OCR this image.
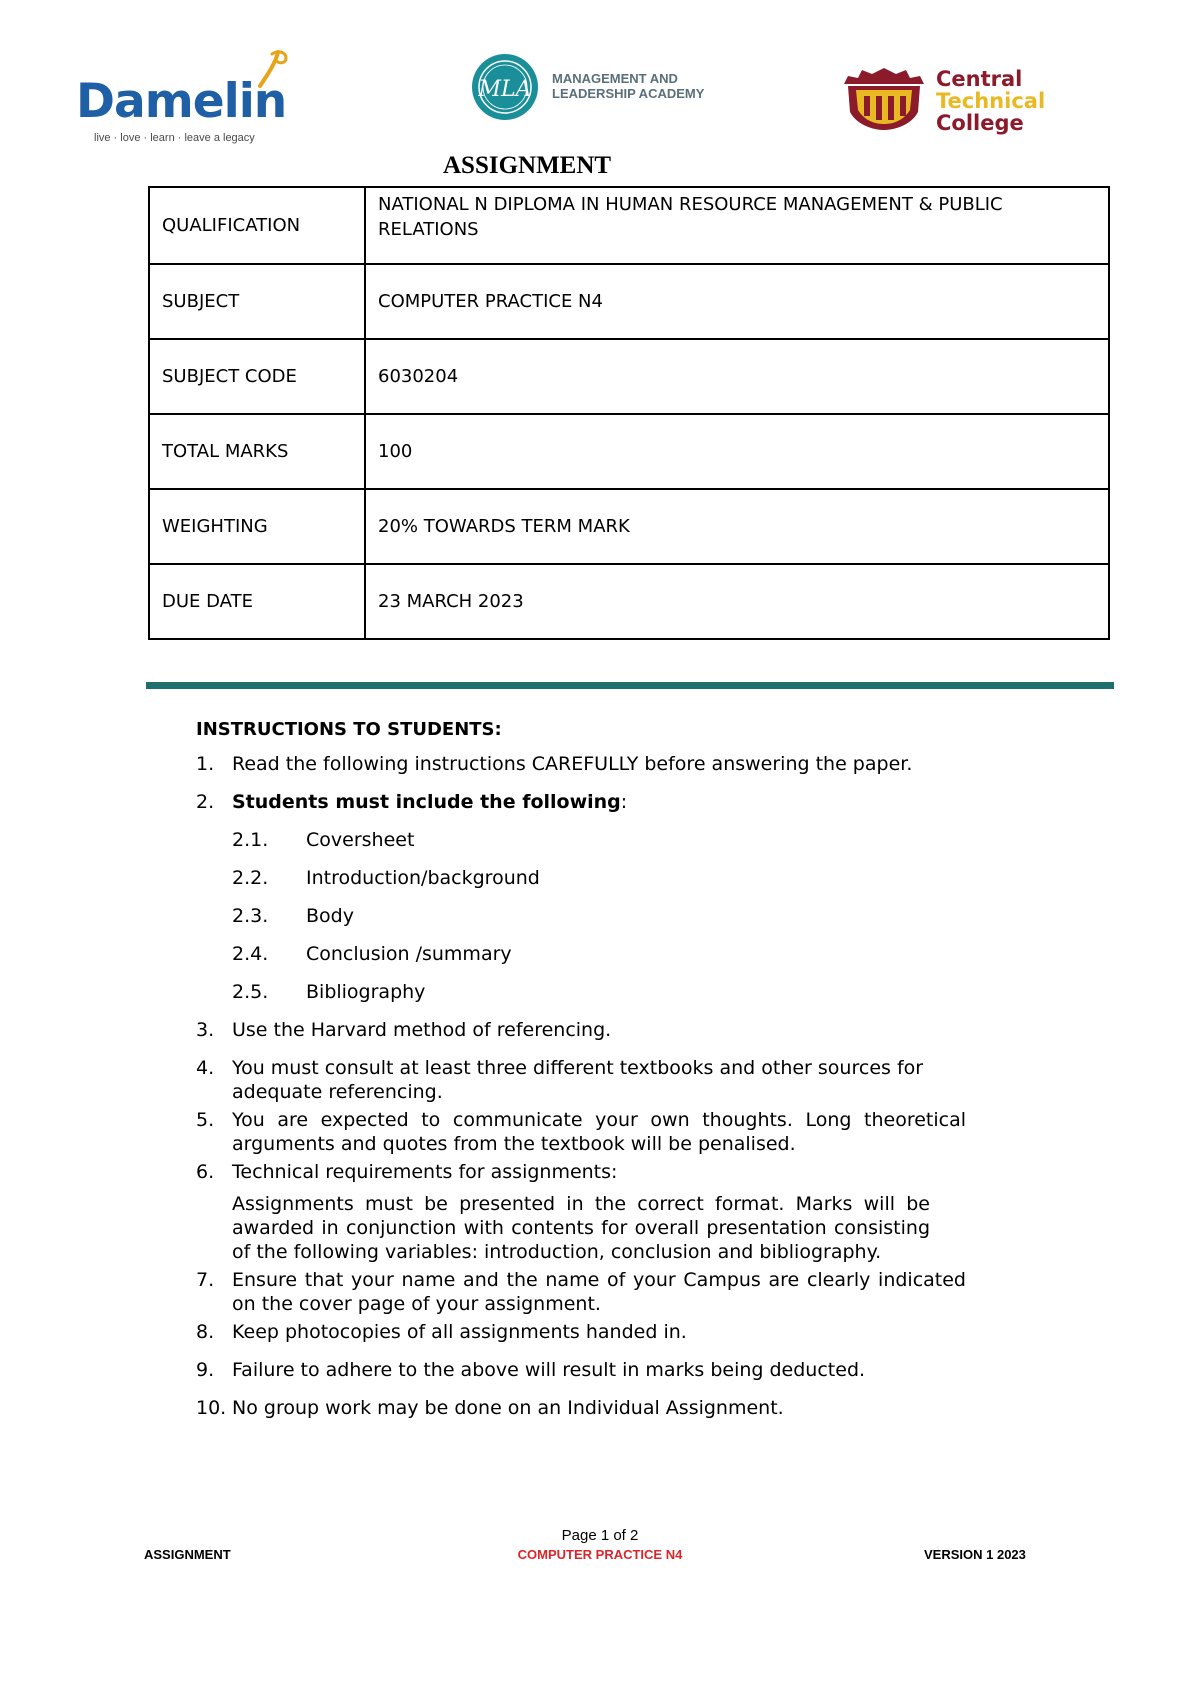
Damelin
live · love · learn · leave a legacy
MLA MANAGEMENT AND
LEADERSHIP ACADEMY
Central
Technical
College
ASSIGNMENT
QUALIFICATION	NATIONAL N DIPLOMA IN HUMAN RESOURCE MANAGEMENT & PUBLIC RELATIONS
SUBJECT	COMPUTER PRACTICE N4
SUBJECT CODE	6030204
TOTAL MARKS	100
WEIGHTING	20% TOWARDS TERM MARK
DUE DATE	23 MARCH 2023
INSTRUCTIONS TO STUDENTS:
1. Read the following instructions CAREFULLY before answering the paper.
2. Students must include the following:
2.1.	Coversheet
2.2.	Introduction/background
2.3.	Body
2.4.	Conclusion /summary
2.5.	Bibliography
3. Use the Harvard method of referencing.
4. You must consult at least three different textbooks and other sources for adequate referencing.
5. You are expected to communicate your own thoughts. Long theoretical arguments and quotes from the textbook will be penalised.
6. Technical requirements for assignments:
Assignments must be presented in the correct format. Marks will be awarded in conjunction with contents for overall presentation consisting of the following variables: introduction, conclusion and bibliography.
7. Ensure that your name and the name of your Campus are clearly indicated on the cover page of your assignment.
8. Keep photocopies of all assignments handed in.
9. Failure to adhere to the above will result in marks being deducted.
10. No group work may be done on an Individual Assignment.
Page 1 of 2
ASSIGNMENT	COMPUTER PRACTICE N4	VERSION 1 2023
